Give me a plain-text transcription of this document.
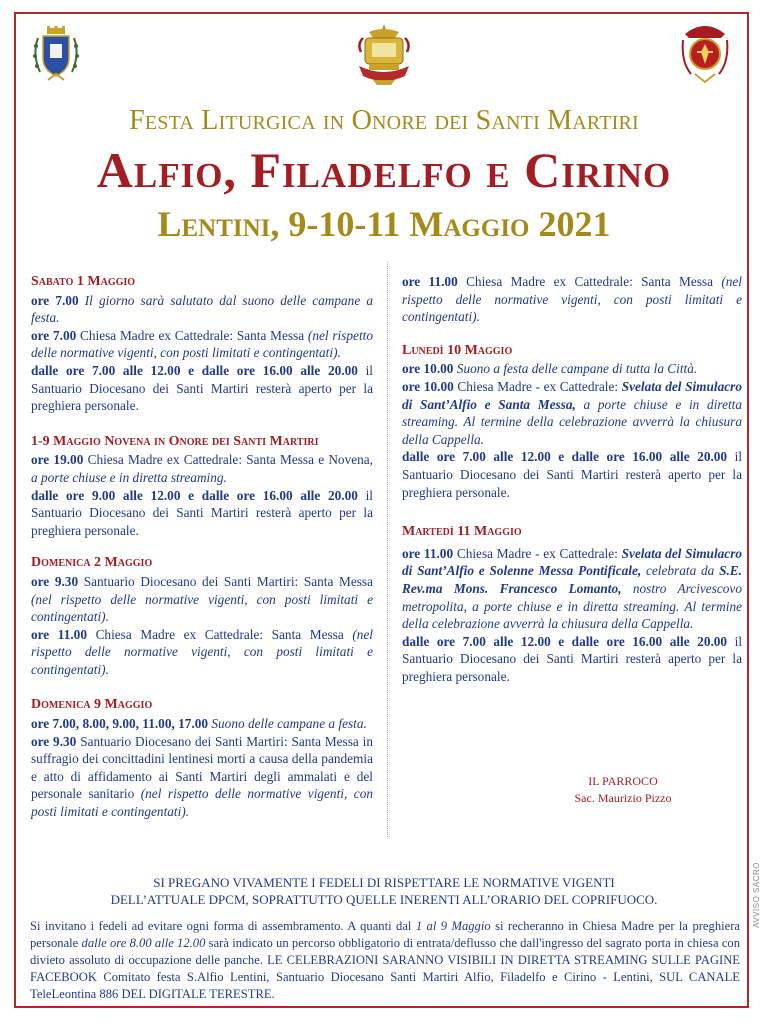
Festa Liturgica in Onore dei Santi Martiri
Alfio, Filadelfo e Cirino
Lentini, 9-10-11 Maggio 2021
Sabato 1 Maggio

ore 7.00 Il giorno sarà salutato dal suono delle campane a festa.

ore 7.00 Chiesa Madre ex Cattedrale: Santa Messa (nel rispetto delle normative vigenti, con posti limitati e contingentati).

dalle ore 7.00 alle 12.00 e dalle ore 16.00 alle 20.00 il Santuario Diocesano dei Santi Martiri resterà aperto per la preghiera personale.

1-9 Maggio Novena in Onore dei Santi Martiri

ore 19.00 Chiesa Madre ex Cattedrale: Santa Messa e Novena, a porte chiuse e in diretta streaming.

dalle ore 9.00 alle 12.00 e dalle ore 16.00 alle 20.00 il Santuario Diocesano dei Santi Martiri resterà aperto per la preghiera personale.

Domenica 2 Maggio

ore 9.30 Santuario Diocesano dei Santi Martiri: Santa Messa (nel rispetto delle normative vigenti, con posti limitati e contingentati).

ore 11.00 Chiesa Madre ex Cattedrale: Santa Messa (nel rispetto delle normative vigenti, con posti limitati e contingentati).

Domenica 9 Maggio

ore 7.00, 8.00, 9.00, 11.00, 17.00 Suono delle campane a festa.

ore 9.30 Santuario Diocesano dei Santi Martiri: Santa Messa in suffragio dei concittadini lentinesi morti a causa della pandemia e atto di affidamento ai Santi Martiri degli ammalati e del personale sanitario (nel rispetto delle normative vigenti, con posti limitati e contingentati).

ore 11.00 Chiesa Madre ex Cattedrale: Santa Messa (nel rispetto delle normative vigenti, con posti limitati e contingentati).

Lunedì 10 Maggio

ore 10.00 Suono a festa delle campane di tutta la Città.

ore 10.00 Chiesa Madre - ex Cattedrale: Svelata del Simulacro di Sant’Alfio e Santa Messa, a porte chiuse e in diretta streaming. Al termine della celebrazione avverrà la chiusura della Cappella.

dalle ore 7.00 alle 12.00 e dalle ore 16.00 alle 20.00 il Santuario Diocesano dei Santi Martiri resterà aperto per la preghiera personale.

Martedì 11 Maggio

ore 11.00 Chiesa Madre - ex Cattedrale: Svelata del Simulacro di Sant’Alfio e Solenne Messa Pontificale, celebrata da S.E. Rev.ma Mons. Francesco Lomanto, nostro Arcivescovo metropolita, a porte chiuse e in diretta streaming. Al termine della celebrazione avverrà la chiusura della Cappella.

dalle ore 7.00 alle 12.00 e dalle ore 16.00 alle 20.00 il Santuario Diocesano dei Santi Martiri resterà aperto per la preghiera personale.

IL PARROCO
Sac. Maurizio Pizzo
SI PREGANO VIVAMENTE I FEDELI DI RISPETTARE LE NORMATIVE VIGENTI
DELL’ATTUALE DPCM, SOPRATTUTTO QUELLE INERENTI ALL’ORARIO DEL COPRIFUOCO.
Si invitano i fedeli ad evitare ogni forma di assembramento. A quanti dal 1 al 9 Maggio si recheranno in Chiesa Madre per la preghiera personale dalle ore 8.00 alle 12.00 sarà indicato un percorso obbligatorio di entrata/deflusso che dall'ingresso del sagrato porta in chiesa con divieto assoluto di occupazione delle panche. LE CELEBRAZIONI SARANNO VISIBILI IN DIRETTA STREAMING SULLE PAGINE FACEBOOK Comitato festa S.Alfio Lentini, Santuario Diocesano Santi Martiri Alfio, Filadelfo e Cirino - Lentini, SUL CANALE TeleLeontina 886 DEL DIGITALE TERESTRE.
AVVISO SACRO
